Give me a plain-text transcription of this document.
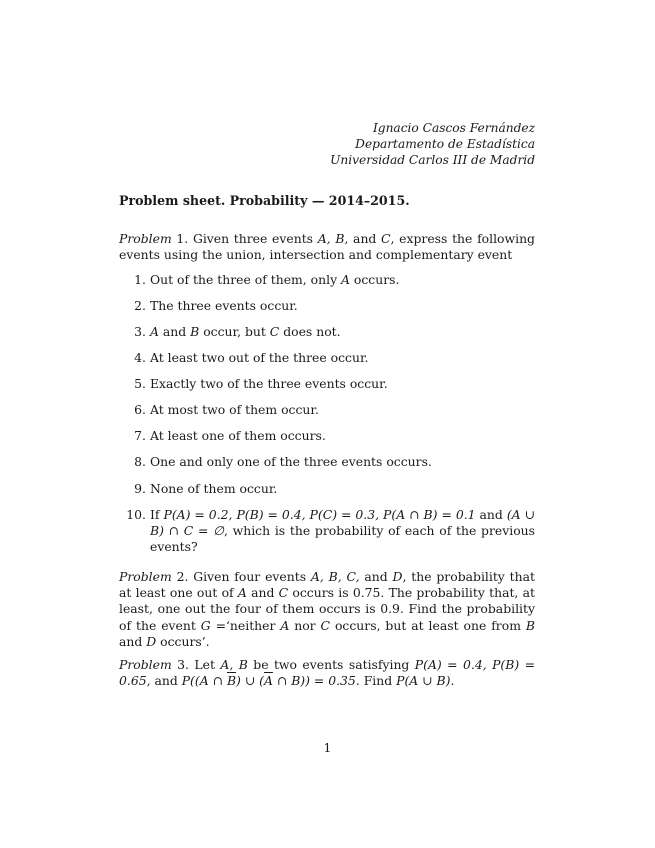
Ignacio Cascos Fernández
Departamento de Estadística
Universidad Carlos III de Madrid
Problem sheet. Probability — 2014–2015.
Problem 1. Given three events A, B, and C, express the following events using the union, intersection and complementary event
1. Out of the three of them, only A occurs.
2. The three events occur.
3. A and B occur, but C does not.
4. At least two out of the three occur.
5. Exactly two of the three events occur.
6. At most two of them occur.
7. At least one of them occurs.
8. One and only one of the three events occurs.
9. None of them occur.
10. If P(A) = 0.2, P(B) = 0.4, P(C) = 0.3, P(A ∩ B) = 0.1 and (A ∪ B) ∩ C = ∅, which is the probability of each of the previous events?
Problem 2. Given four events A, B, C, and D, the probability that at least one out of A and C occurs is 0.75. The probability that, at least, one out the four of them occurs is 0.9. Find the probability of the event G =‘neither A nor C occurs, but at least one from B and D occurs’.
Problem 3. Let A, B be two events satisfying P(A) = 0.4, P(B) = 0.65, and P((A ∩ $\overline{B}$) ∪ ($\overline{A}$ ∩ B)) = 0.35. Find P(A ∪ B).
1
